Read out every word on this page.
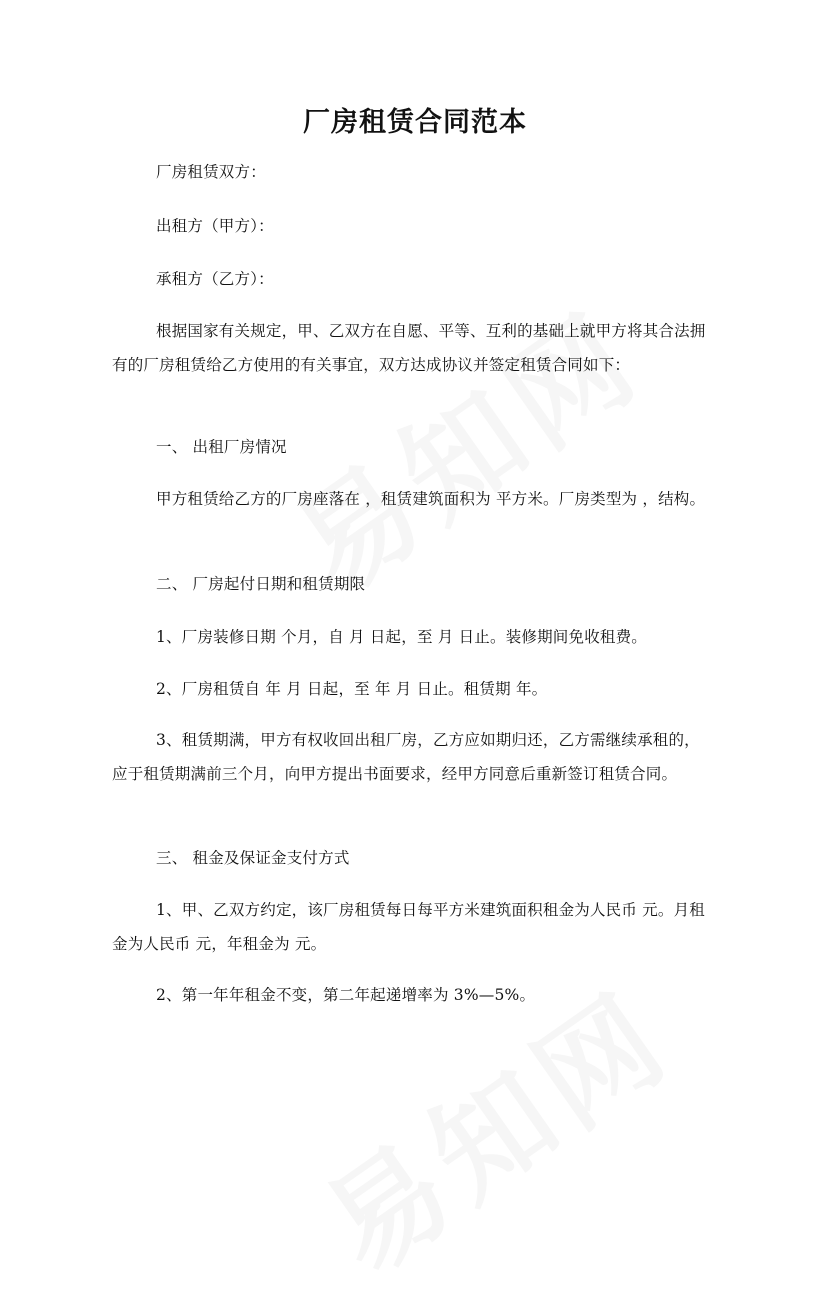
厂房租赁合同范本
厂房租赁双方：
出租方（甲方）：
承租方（乙方）：
根据国家有关规定，甲、乙双方在自愿、平等、互利的基础上就甲方将其合法拥有的厂房租赁给乙方使用的有关事宜，双方达成协议并签定租赁合同如下：
一、 出租厂房情况
甲方租赁给乙方的厂房座落在 ，租赁建筑面积为 平方米。厂房类型为 ，结构。
二、 厂房起付日期和租赁期限
1、厂房装修日期 个月，自 月 日起，至 月 日止。装修期间免收租费。
2、厂房租赁自 年 月 日起，至 年 月 日止。租赁期 年。
3、租赁期满，甲方有权收回出租厂房，乙方应如期归还，乙方需继续承租的，应于租赁期满前三个月，向甲方提出书面要求，经甲方同意后重新签订租赁合同。
三、 租金及保证金支付方式
1、甲、乙双方约定，该厂房租赁每日每平方米建筑面积租金为人民币 元。月租金为人民币 元，年租金为 元。
2、第一年年租金不变，第二年起递增率为 3%—5%。
